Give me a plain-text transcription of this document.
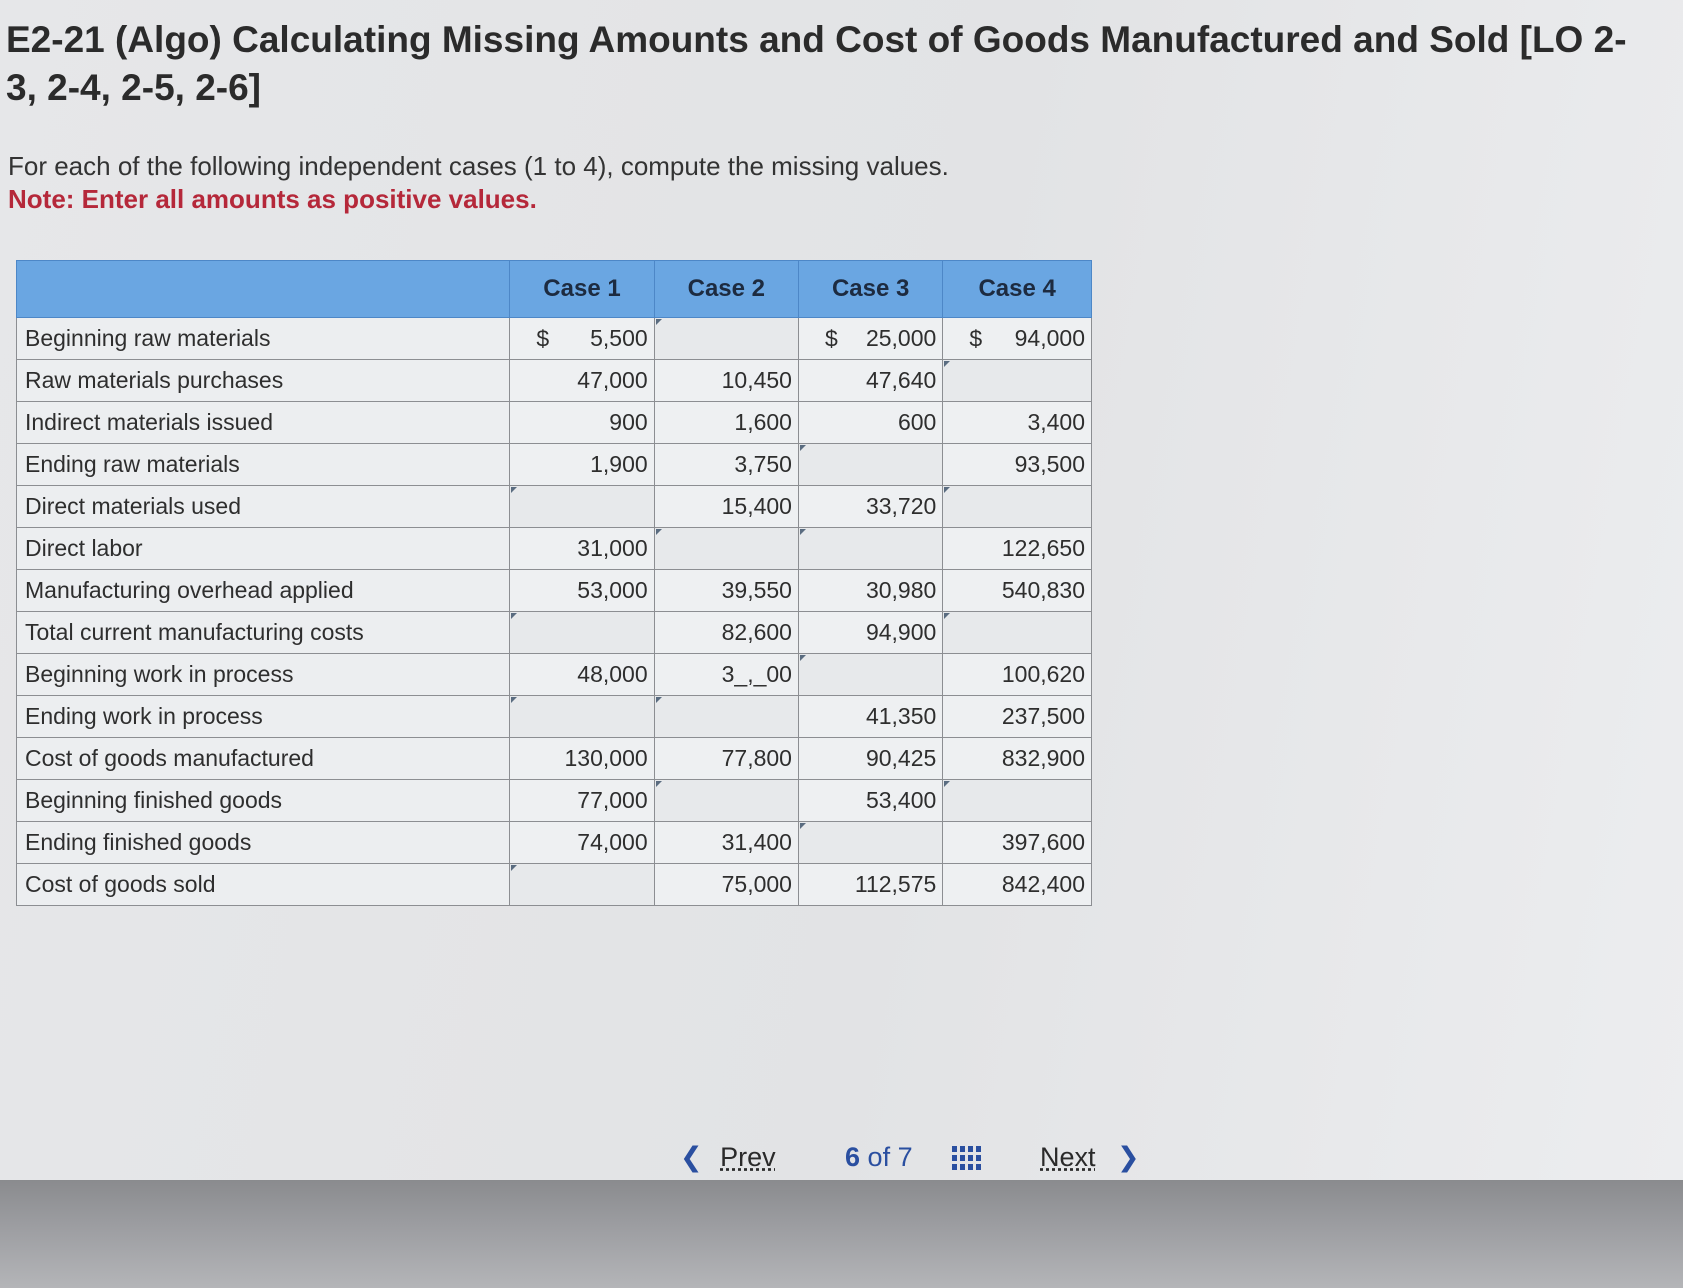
E2-21 (Algo) Calculating Missing Amounts and Cost of Goods Manufactured and Sold [LO 2-3, 2-4, 2-5, 2-6]
For each of the following independent cases (1 to 4), compute the missing values.
Note: Enter all amounts as positive values.
	Case 1	Case 2	Case 3	Case 4
Beginning raw materials	$ 5,500		$ 25,000	$ 94,000
Raw materials purchases	47,000	10,450	47,640	
Indirect materials issued	900	1,600	600	3,400
Ending raw materials	1,900	3,750		93,500
Direct materials used		15,400	33,720	
Direct labor	31,000			122,650
Manufacturing overhead applied	53,000	39,550	30,980	540,830
Total current manufacturing costs		82,600	94,900	
Beginning work in process	48,000	3_,_00		100,620
Ending work in process			41,350	237,500
Cost of goods manufactured	130,000	77,800	90,425	832,900
Beginning finished goods	77,000		53,400	
Ending finished goods	74,000	31,400		397,600
Cost of goods sold		75,000	112,575	842,400
❮ Prev	6 of 7	Next ❯
